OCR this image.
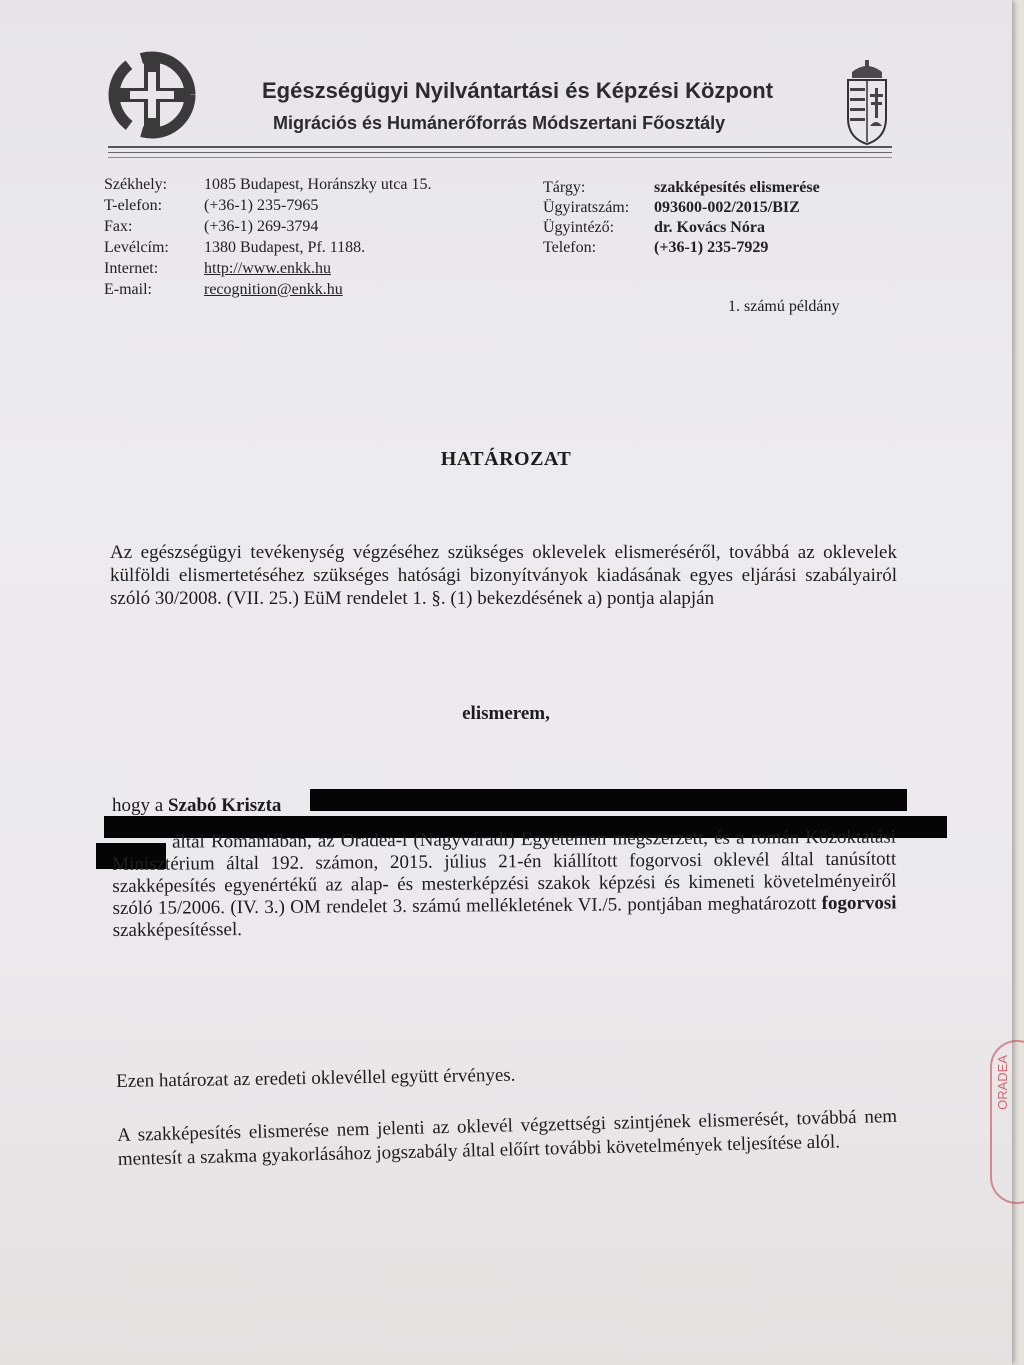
Egészségügyi Nyilvántartási és Képzési Központ
Migrációs és Humánerőforrás Módszertani Főosztály
Székhely: 1085 Budapest, Horánszky utca 15.
T-elefon:	(+36-1) 235-7965
Fax:	(+36-1) 269-3794
Levélcím: 1380 Budapest, Pf. 1188.
Internet:	http://www.enkk.hu
E-mail:	recognition@enkk.hu
Tárgy:	szakképesítés elismerése
Ügyiratszám: 093600-002/2015/BIZ
Ügyintéző: dr. Kovács Nóra
Telefon:	(+36-1) 235-7929
1. számú példány
HATÁROZAT
Az egészségügyi tevékenység végzéséhez szükséges oklevelek elismeréséről, továbbá az oklevelek külföldi elismertetéséhez szükséges hatósági bizonyítványok kiadásának egyes eljárási szabályairól szóló 30/2008. (VII. 25.) EüM rendelet 1. §. (1) bekezdésének a) pontja alapján
elismerem,
hogy a Szabó Kriszta
által Romániában, az Oradea-i (Nagyváradi) Egyetemen megszerzett, és a román Közoktatási Minisztérium által 192. számon, 2015. július 21-én kiállított fogorvosi oklevél által tanúsított szakképesítés egyenértékű az alap- és mesterképzési szakok képzési és kimeneti követelményeiről szóló 15/2006. (IV. 3.) OM rendelet 3. számú mellékletének VI./5. pontjában meghatározott fogorvosi szakképesítéssel.
Ezen határozat az eredeti oklevéllel együtt érvényes.
A szakképesítés elismerése nem jelenti az oklevél végzettségi szintjének elismerését, továbbá nem mentesít a szakma gyakorlásához jogszabály által előírt további követelmények teljesítése alól.
ORADEA
